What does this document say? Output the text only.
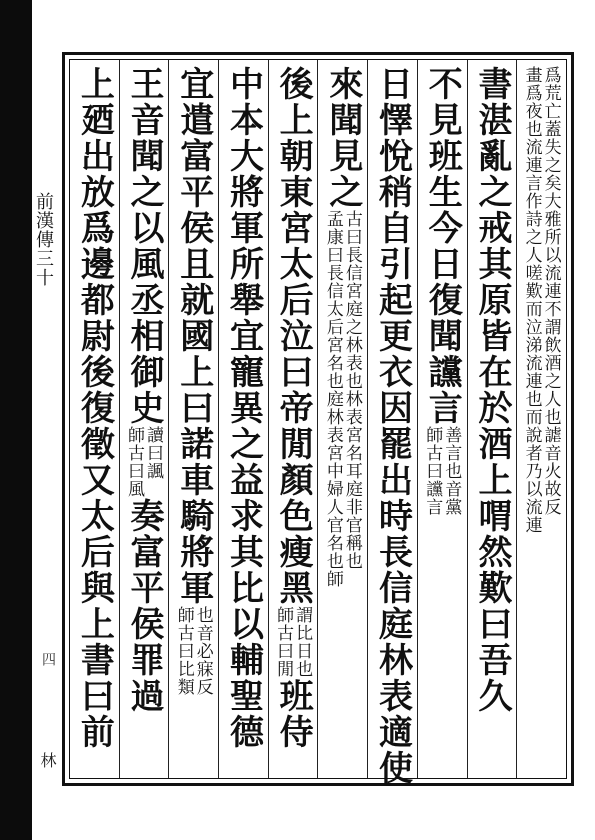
前漢傳三十
四
林
畫爲夜也流連言作詩之人嗟歎而泣涕流連也而說者乃以流連 爲荒亡蓋失之矣大雅所以流連不謂飲酒之人也謔音火故反
書湛亂之戒其原皆在於酒上喟然歎曰吾久
不見班生今日復聞讜言
師古曰讜言 善言也音黨
日懌悅
稍自引起更衣因罷出時長信庭林表適使
來聞見之
孟康曰長信太后宮名也庭林表宮中婦人官名也師 古曰長信宮庭之林表也林表宮名耳庭非官稱也
後上朝東宮太后泣曰帝閒顏色瘦黑
師古曰閒 謂比日也
班侍
中本大將軍所舉宜寵異之益求其比以輔聖德
宜遣富平侯且就國上曰諾車騎將軍
師古曰比類 也音必寐反
王音聞之以風丞相御史
師古曰風 讀曰諷
奏富平侯罪過
上廼出放爲邊都尉後復徵又太后與上書曰前
